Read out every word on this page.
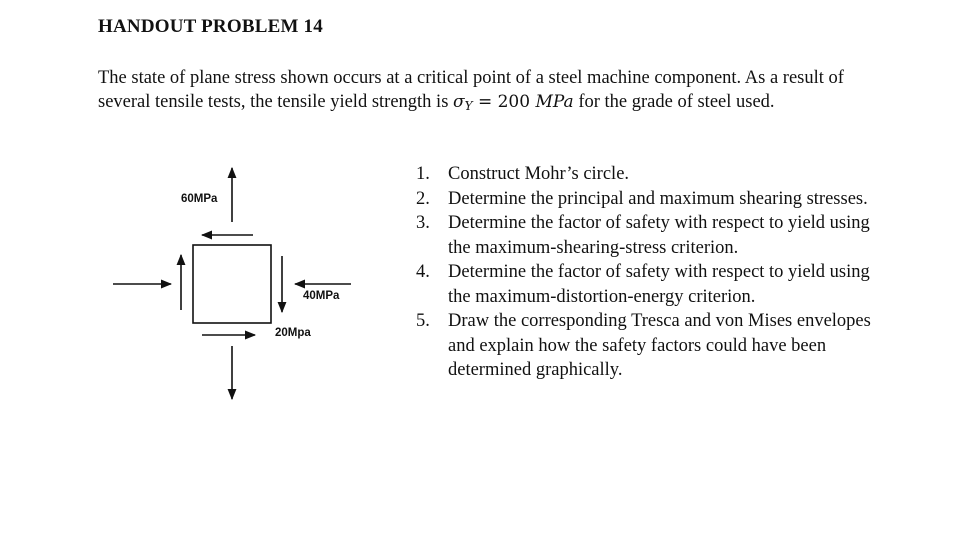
HANDOUT PROBLEM 14
The state of plane stress shown occurs at a critical point of a steel machine component. As a result of several tensile tests, the tensile yield strength is $\sigma_Y = 200$ MPa for the grade of steel used.
60MPa
40MPa
20Mpa
1. Construct Mohr’s circle.
2. Determine the principal and maximum shearing stresses.
3. Determine the factor of safety with respect to yield using the maximum-shearing-stress criterion.
4. Determine the factor of safety with respect to yield using the maximum-distortion-energy criterion.
5. Draw the corresponding Tresca and von Mises envelopes and explain how the safety factors could have been determined graphically.
